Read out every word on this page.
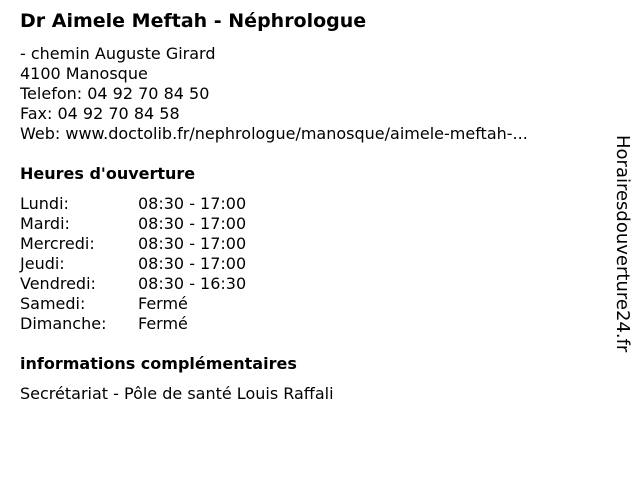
Dr Aimele Meftah - Néphrologue
- chemin Auguste Girard
4100 Manosque
Telefon: 04 92 70 84 50
Fax: 04 92 70 84 58
Web: www.doctolib.fr/nephrologue/manosque/aimele-meftah-...
Heures d'ouverture
Lundi:	08:30 - 17:00
Mardi:	08:30 - 17:00
Mercredi:	08:30 - 17:00
Jeudi:	08:30 - 17:00
Vendredi:	08:30 - 16:30
Samedi:	Fermé
Dimanche:	Fermé
informations complémentaires
Secrétariat - Pôle de santé Louis Raffali
Horairesdouverture24.fr
